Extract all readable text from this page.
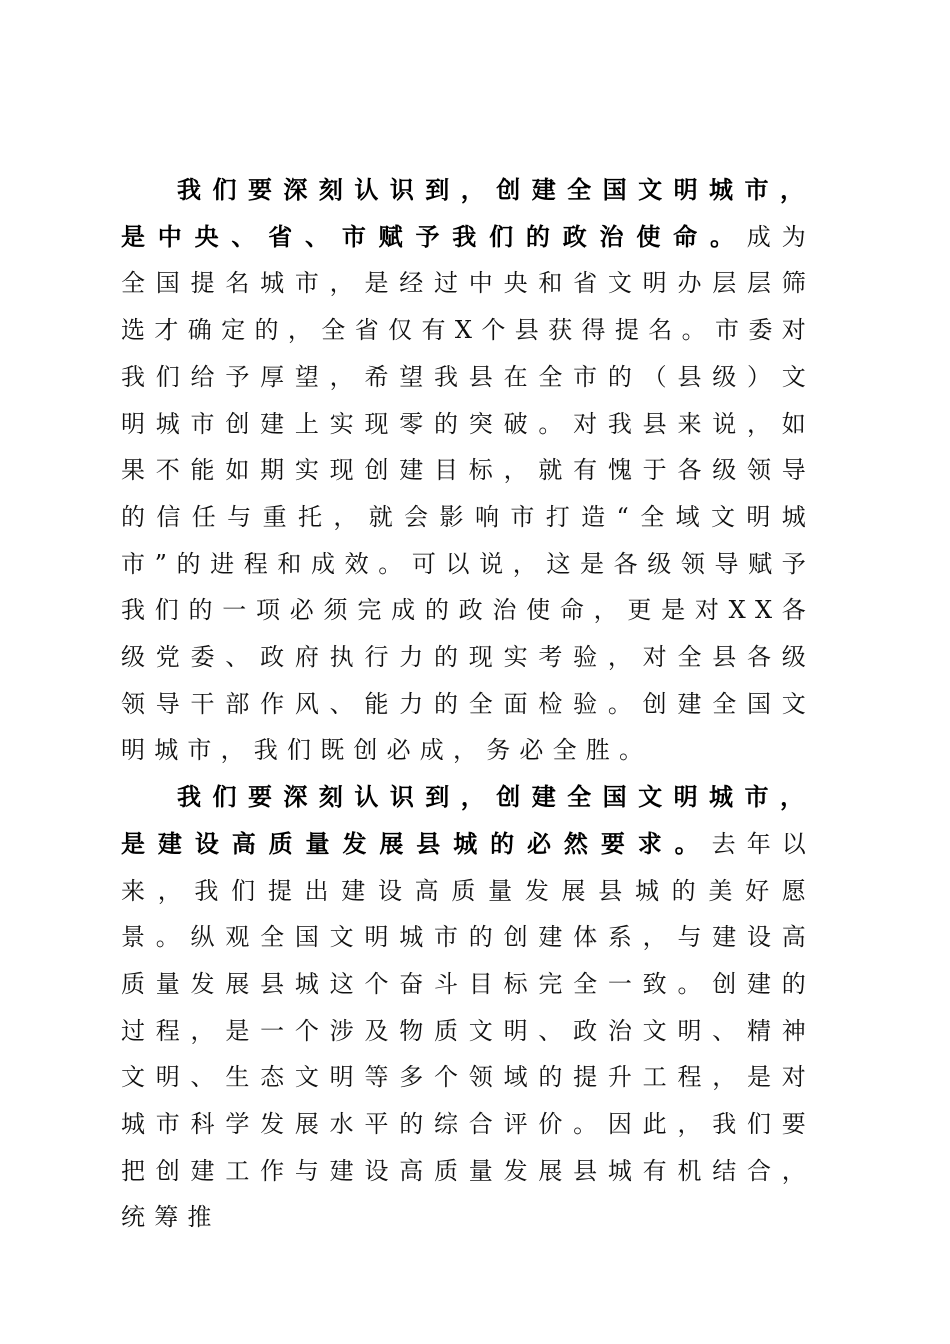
我们要深刻认识到，创建全国文明城市，是中央、省、市赋予我们的政治使命。成为全国提名城市，是经过中央和省文明办层层筛选才确定的，全省仅有X个县获得提名。市委对我们给予厚望，希望我县在全市的（县级）文明城市创建上实现零的突破。对我县来说，如果不能如期实现创建目标，就有愧于各级领导的信任与重托，就会影响市打造“全域文明城市”的进程和成效。可以说，这是各级领导赋予我们的一项必须完成的政治使命，更是对XX各级党委、政府执行力的现实考验，对全县各级领导干部作风、能力的全面检验。创建全国文明城市，我们既创必成，务必全胜。

我们要深刻认识到，创建全国文明城市，是建设高质量发展县城的必然要求。去年以来，我们提出建设高质量发展县城的美好愿景。纵观全国文明城市的创建体系，与建设高质量发展县城这个奋斗目标完全一致。创建的过程，是一个涉及物质文明、政治文明、精神文明、生态文明等多个领域的提升工程，是对城市科学发展水平的综合评价。因此，我们要把创建工作与建设高质量发展县城有机结合，统筹推
